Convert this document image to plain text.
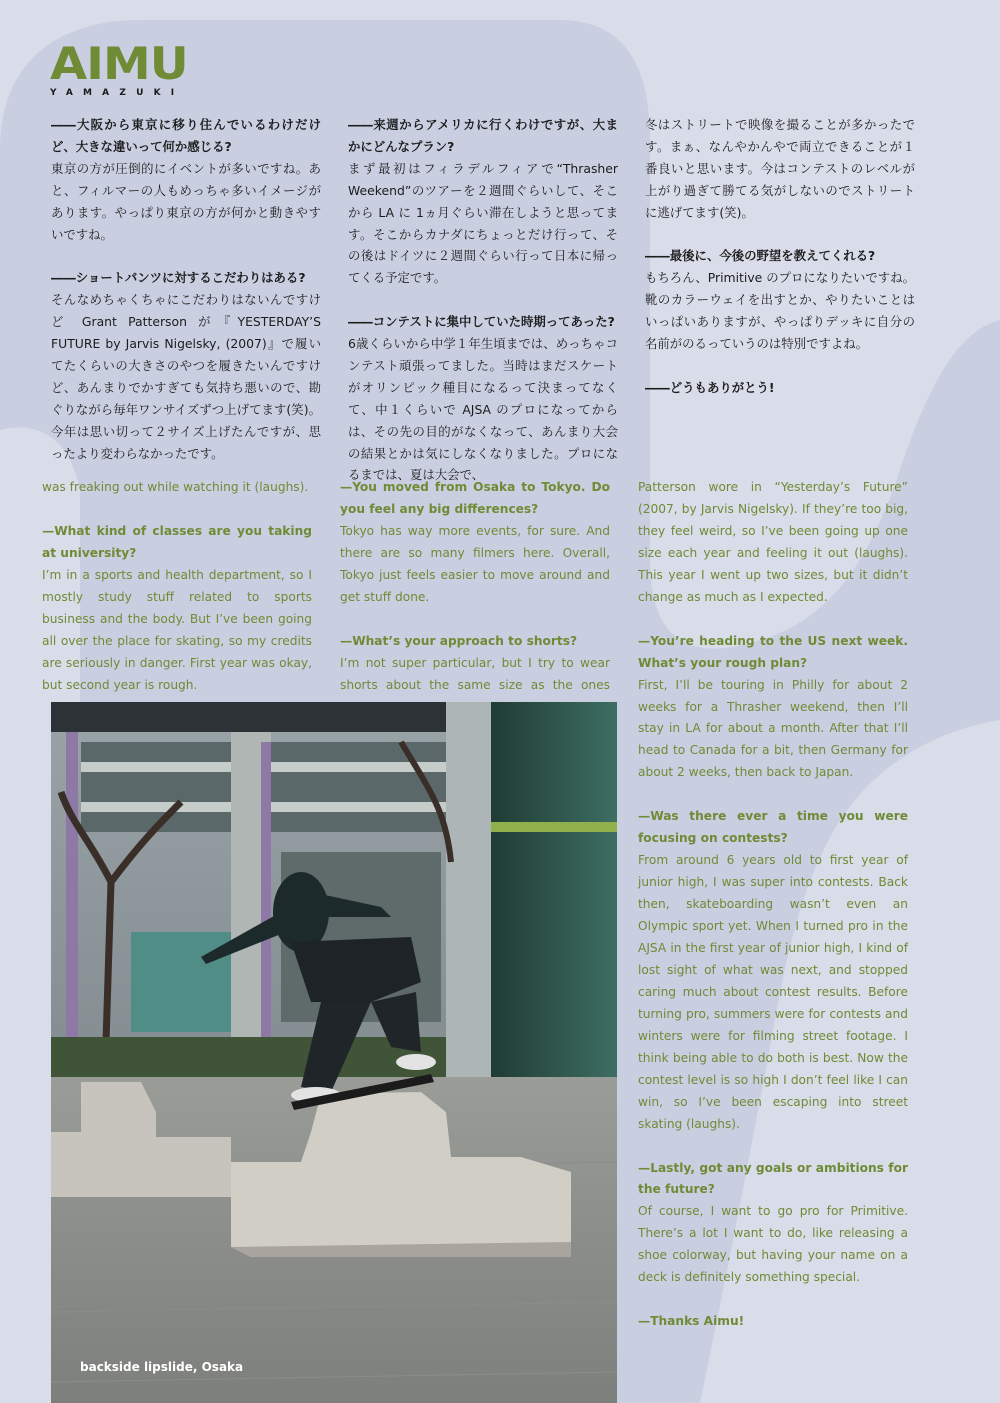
AIMU
YAMAZUKI

――大阪から東京に移り住んでいるわけだけど、大きな違いって何か感じる?
東京の方が圧倒的にイベントが多いですね。あと、フィルマーの人もめっちゃ多いイメージがあります。やっぱり東京の方が何かと動きやすいですね。

――ショートパンツに対するこだわりはある?
そんなめちゃくちゃにこだわりはないんですけど Grant Patterson が『YESTERDAY’S FUTURE by Jarvis Nigelsky, (2007)』で履いてたくらいの大きさのやつを履きたいんですけど、あんまりでかすぎても気持ち悪いので、勘ぐりながら毎年ワンサイズずつ上げてます(笑)。今年は思い切って２サイズ上げたんですが、思ったより変わらなかったです。

――来週からアメリカに行くわけですが、大まかにどんなプラン?
まず最初はフィラデルフィアで“Thrasher Weekend”のツアーを２週間ぐらいして、そこから LA に 1ヵ月ぐらい滞在しようと思ってます。そこからカナダにちょっとだけ行って、その後はドイツに２週間ぐらい行って日本に帰ってくる予定です。

――コンテストに集中していた時期ってあった?
6歳くらいから中学１年生頃までは、めっちゃコンテスト頑張ってました。当時はまだスケートがオリンピック種目になるって決まってなくて、中１くらいで AJSA のプロになってからは、その先の目的がなくなって、あんまり大会の結果とかは気にしなくなりました。プロになるまでは、夏は大会で、

冬はストリートで映像を撮ることが多かったです。まぁ、なんやかんやで両立できることが１番良いと思います。今はコンテストのレベルが上がり過ぎて勝てる気がしないのでストリートに逃げてます(笑)。

――最後に、今後の野望を教えてくれる?
もちろん、Primitive のプロになりたいですね。靴のカラーウェイを出すとか、やりたいことはいっぱいありますが、やっぱりデッキに自分の名前がのるっていうのは特別ですよね。

――どうもありがとう!

was freaking out while watching it (laughs).

—What kind of classes are you taking at university?
I’m in a sports and health department, so I mostly study stuff related to sports business and the body. But I’ve been going all over the place for skating, so my credits are seriously in danger. First year was okay, but second year is rough.

—You moved from Osaka to Tokyo. Do you feel any big differences?
Tokyo has way more events, for sure. And there are so many filmers here. Overall, Tokyo just feels easier to move around and get stuff done.

—What’s your approach to shorts?
I’m not super particular, but I try to wear shorts about the same size as the ones

Patterson wore in “Yesterday’s Future” (2007, by Jarvis Nigelsky). If they’re too big, they feel weird, so I’ve been going up one size each year and feeling it out (laughs). This year I went up two sizes, but it didn’t change as much as I expected.

—You’re heading to the US next week. What’s your rough plan?
First, I’ll be touring in Philly for about 2 weeks for a Thrasher weekend, then I’ll stay in LA for about a month. After that I’ll head to Canada for a bit, then Germany for about 2 weeks, then back to Japan.

—Was there ever a time you were focusing on contests?
From around 6 years old to first year of junior high, I was super into contests. Back then, skateboarding wasn’t even an Olympic sport yet. When I turned pro in the AJSA in the first year of junior high, I kind of lost sight of what was next, and stopped caring much about contest results. Before turning pro, summers were for contests and winters were for filming street footage. I think being able to do both is best. Now the contest level is so high I don’t feel like I can win, so I’ve been escaping into street skating (laughs).

—Lastly, got any goals or ambitions for the future?
Of course, I want to go pro for Primitive. There’s a lot I want to do, like releasing a shoe colorway, but having your name on a deck is definitely something special.

—Thanks Aimu!

backside lipslide, Osaka
